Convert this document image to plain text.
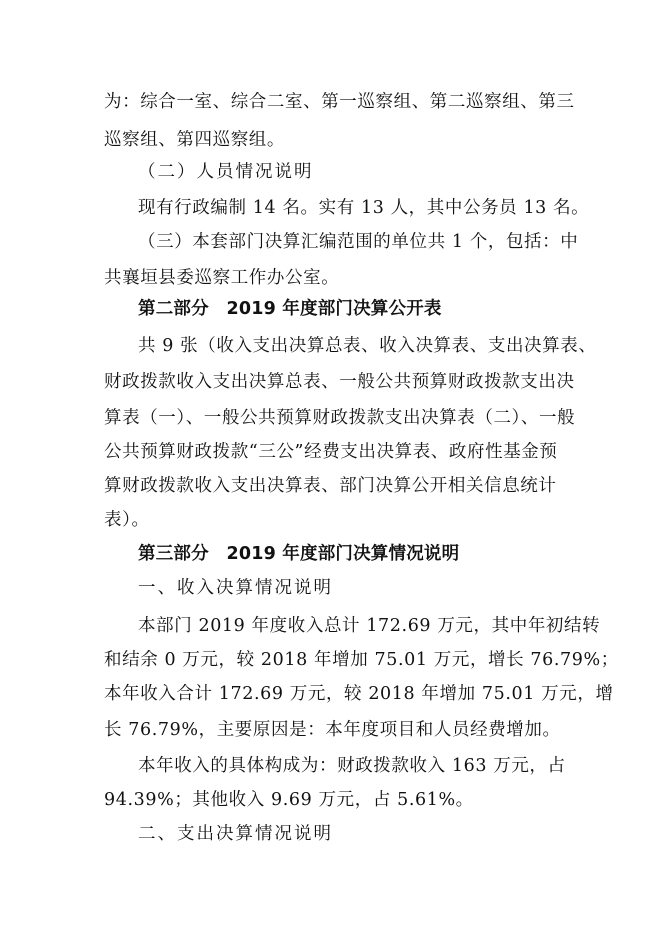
为：综合一室、综合二室、第一巡察组、第二巡察组、第三
巡察组、第四巡察组。
（二）人员情况说明
现有行政编制 14 名。实有 13 人，其中公务员 13 名。
（三）本套部门决算汇编范围的单位共 1 个，包括：中
共襄垣县委巡察工作办公室。
第二部分　2019 年度部门决算公开表
共 9 张（收入支出决算总表、收入决算表、支出决算表、
财政拨款收入支出决算总表、一般公共预算财政拨款支出决
算表（一）、一般公共预算财政拨款支出决算表（二）、一般
公共预算财政拨款“三公”经费支出决算表、政府性基金预
算财政拨款收入支出决算表、部门决算公开相关信息统计
表）。
第三部分　2019 年度部门决算情况说明
一、收入决算情况说明
本部门 2019 年度收入总计 172.69 万元，其中年初结转
和结余 0 万元，较 2018 年增加 75.01 万元，增长 76.79%；
本年收入合计 172.69 万元，较 2018 年增加 75.01 万元，增
长 76.79%，主要原因是：本年度项目和人员经费增加。
本年收入的具体构成为：财政拨款收入 163 万元，占
94.39%；其他收入 9.69 万元，占 5.61%。
二、支出决算情况说明
